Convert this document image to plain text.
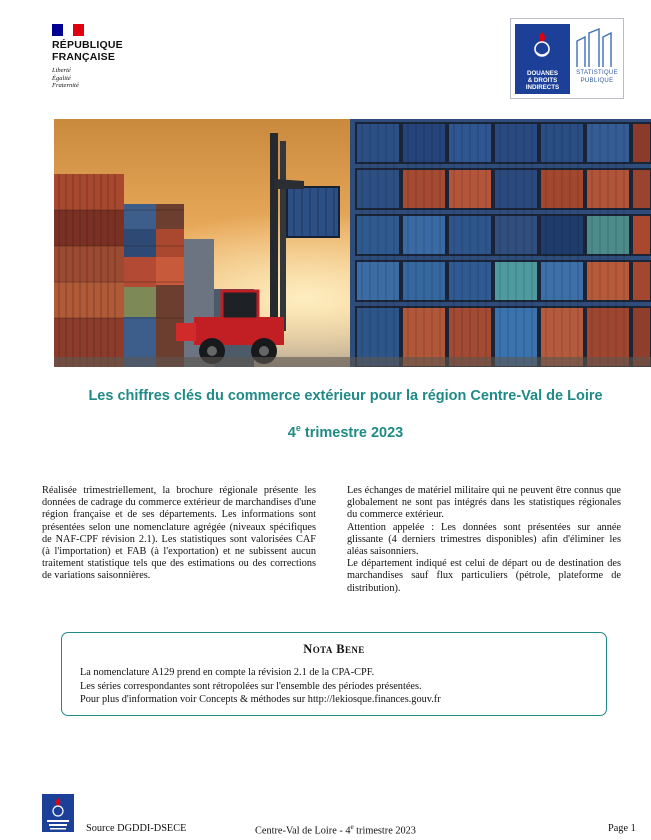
RÉPUBLIQUE
FRANÇAISE
Liberté
Égalité
Fraternité
DOUANES
& DROITS
INDIRECTS
STATISTIQUE
PUBLIQUE
Les chiffres clés du commerce extérieur pour la région Centre-Val de Loire
4e trimestre 2023

Réalisée trimestriellement, la brochure régionale présente les données de cadrage du commerce extérieur de marchandises d'une région française et de ses départements. Les informations sont présentées selon une nomenclature agrégée (niveaux spécifiques de NAF-CPF révision 2.1). Les statistiques sont valorisées CAF (à l'importation) et FAB (à l'exportation) et ne subissent aucun traitement statistique tels que des estimations ou des corrections de variations saisonnières.

Les échanges de matériel militaire qui ne peuvent être connus que globalement ne sont pas intégrés dans les statistiques régionales du commerce extérieur.

Attention appelée : Les données sont présentées sur année glissante (4 derniers trimestres disponibles) afin d'éliminer les aléas saisonniers.

Le département indiqué est celui de départ ou de destination des marchandises sauf flux particuliers (pétrole, plateforme de distribution).

Nota Bene
La nomenclature A129 prend en compte la révision 2.1 de la CPA-CPF.
Les séries correspondantes sont rétropolées sur l'ensemble des périodes présentées.
Pour plus d'information voir Concepts & méthodes sur http://lekiosque.finances.gouv.fr
Source DGDDI-DSECE	Centre-Val de Loire - 4e trimestre 2023	Page 1
